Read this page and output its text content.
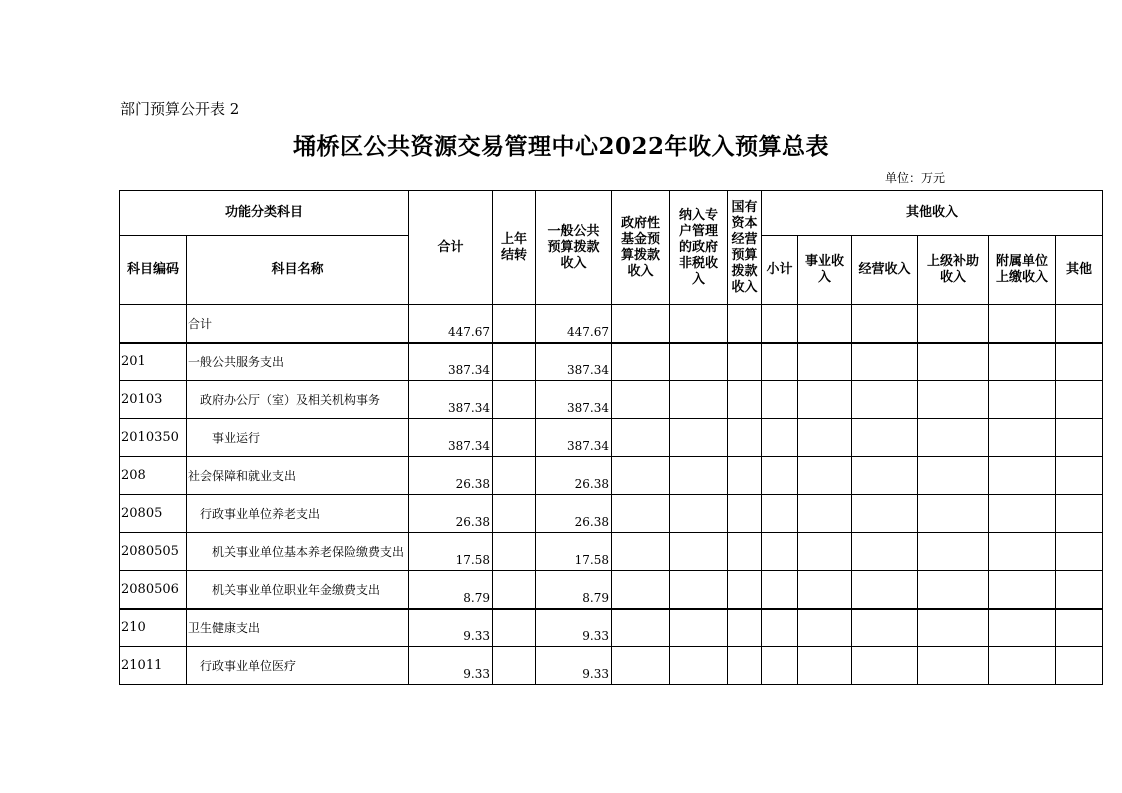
部门预算公开表 2
埇桥区公共资源交易管理中心2022年收入预算总表
单位：万元
功能分类科目		合计	上年结转	一般公共预算拨款收入	政府性基金预算拨款收入	纳入专户管理的政府非税收入	国有资本经营预算拨款收入	其他收入					
科目编码	科目名称							小计	事业收入	经营收入	上级补助收入	附属单位上缴收入	其他
	合计	447.67		447.67									
201	一般公共服务支出	387.34		387.34									
20103	政府办公厅（室）及相关机构事务	387.34		387.34									
2010350	事业运行	387.34		387.34									
208	社会保障和就业支出	26.38		26.38									
20805	行政事业单位养老支出	26.38		26.38									
2080505	机关事业单位基本养老保险缴费支出	17.58		17.58									
2080506	机关事业单位职业年金缴费支出	8.79		8.79									
210	卫生健康支出	9.33		9.33									
21011	行政事业单位医疗	9.33		9.33									
